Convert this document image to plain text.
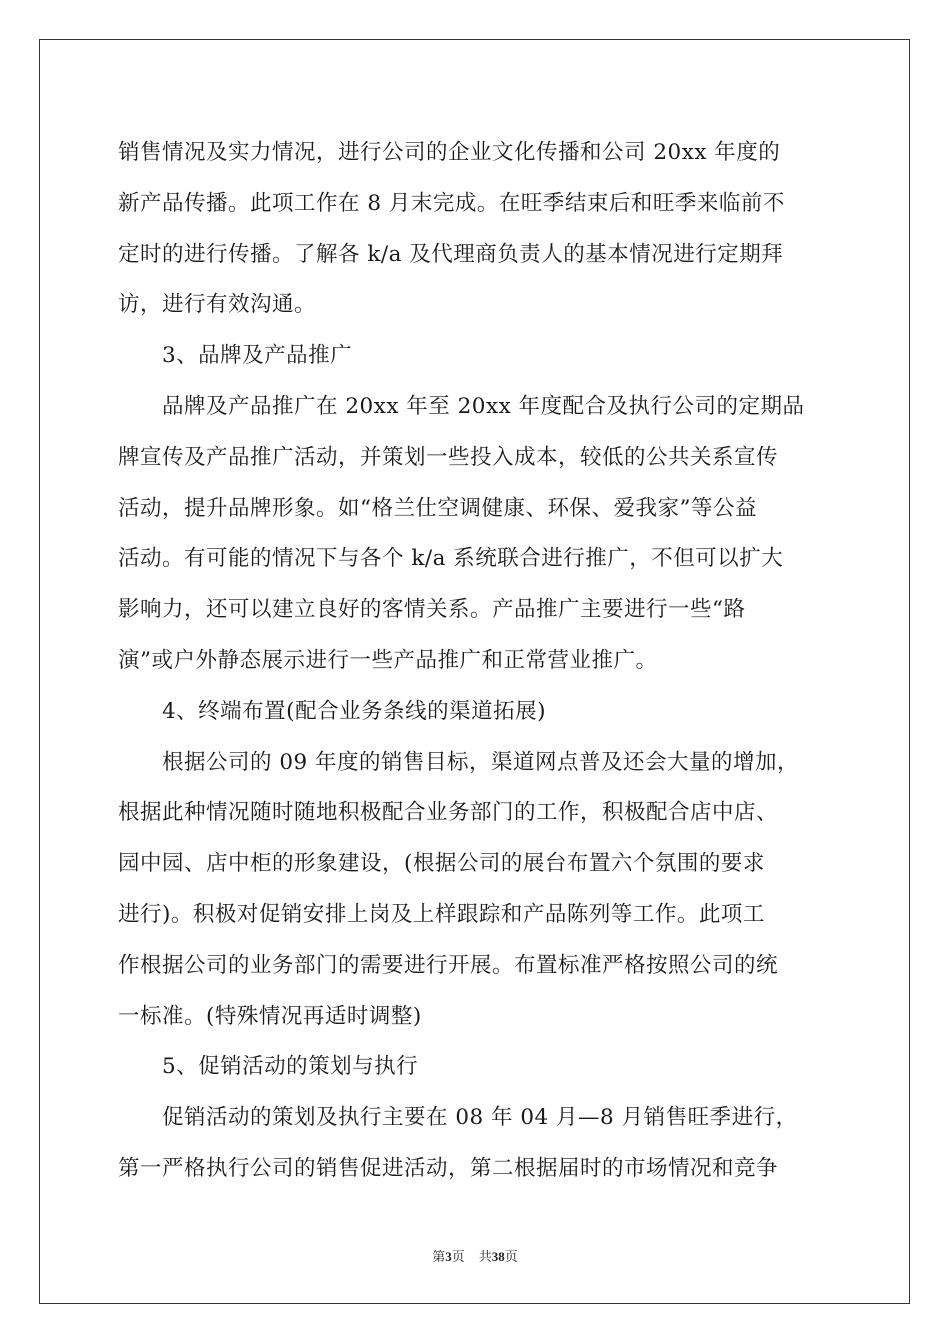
销售情况及实力情况，进行公司的企业文化传播和公司 20xx 年度的
新产品传播。此项工作在 8 月末完成。在旺季结束后和旺季来临前不
定时的进行传播。了解各 k/a 及代理商负责人的基本情况进行定期拜
访，进行有效沟通。
3、品牌及产品推广
品牌及产品推广在 20xx 年至 20xx 年度配合及执行公司的定期品
牌宣传及产品推广活动，并策划一些投入成本，较低的公共关系宣传
活动，提升品牌形象。如“格兰仕空调健康、环保、爱我家”等公益
活动。有可能的情况下与各个 k/a 系统联合进行推广，不但可以扩大
影响力，还可以建立良好的客情关系。产品推广主要进行一些“路
演”或户外静态展示进行一些产品推广和正常营业推广。
4、终端布置(配合业务条线的渠道拓展)
根据公司的 09 年度的销售目标，渠道网点普及还会大量的增加，
根据此种情况随时随地积极配合业务部门的工作，积极配合店中店、
园中园、店中柜的形象建设，(根据公司的展台布置六个氛围的要求
进行)。积极对促销安排上岗及上样跟踪和产品陈列等工作。此项工
作根据公司的业务部门的需要进行开展。布置标准严格按照公司的统
一标准。(特殊情况再适时调整)
5、促销活动的策划与执行
促销活动的策划及执行主要在 08 年 04 月—8 月销售旺季进行，
第一严格执行公司的销售促进活动，第二根据届时的市场情况和竞争
第3页 共38页
